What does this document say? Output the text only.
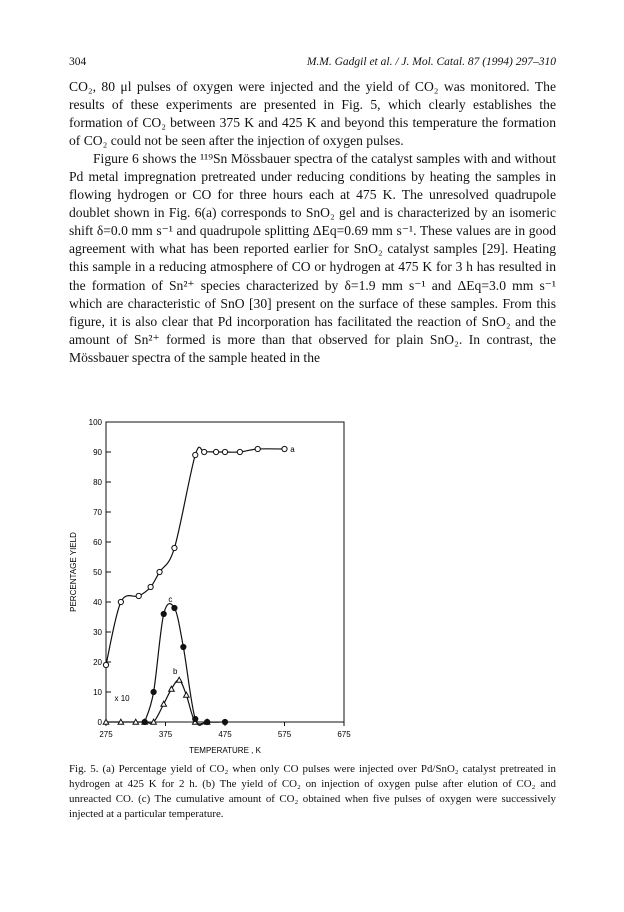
304	M.M. Gadgil et al. / J. Mol. Catal. 87 (1994) 297–310

CO₂, 80 μl pulses of oxygen were injected and the yield of CO₂ was monitored. The results of these experiments are presented in Fig. 5, which clearly establishes the formation of CO₂ between 375 K and 425 K and beyond this temperature the formation of CO₂ could not be seen after the injection of oxygen pulses.

Figure 6 shows the ¹¹⁹Sn Mössbauer spectra of the catalyst samples with and without Pd metal impregnation pretreated under reducing conditions by heating the samples in flowing hydrogen or CO for three hours each at 475 K. The unresolved quadrupole doublet shown in Fig. 6(a) corresponds to SnO₂ gel and is characterized by an isomeric shift δ=0.0 mm s⁻¹ and quadrupole splitting ΔEq=0.69 mm s⁻¹. These values are in good agreement with what has been reported earlier for SnO₂ catalyst samples [29]. Heating this sample in a reducing atmosphere of CO or hydrogen at 475 K for 3 h has resulted in the formation of Sn²⁺ species characterized by δ=1.9 mm s⁻¹ and ΔEq=3.0 mm s⁻¹ which are characteristic of SnO [30] present on the surface of these samples. From this figure, it is also clear that Pd incorporation has facilitated the reaction of SnO₂ and the amount of Sn²⁺ formed is more than that observed for plain SnO₂. In contrast, the Mössbauer spectra of the sample heated in the

0
10
20
30
40
50
60
70
80
90
100
275	375	475	575	675
TEMPERATURE , K
PERCENTAGE YIELD
a
b
c
x 10
Fig. 5. (a) Percentage yield of CO₂ when only CO pulses were injected over Pd/SnO₂ catalyst pretreated in hydrogen at 425 K for 2 h. (b) The yield of CO₂ on injection of oxygen pulse after elution of CO₂ and unreacted CO. (c) The cumulative amount of CO₂ obtained when five pulses of oxygen were successively injected at a particular temperature.
